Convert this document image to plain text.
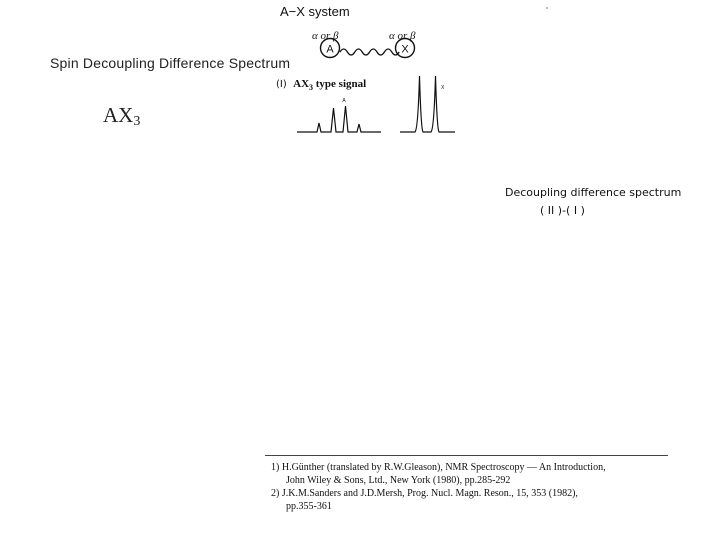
Spin Decoupling Difference Spectrum
$AX_3$
A−X system
α or β	α or β
A	X
(I) $AX_3$ type signal
A
X
Decoupling difference spectrum
( II )-( I )
1) H.Günther (translated by R.W.Gleason), NMR Spectroscopy — An Introduction,
John Wiley & Sons, Ltd., New York (1980), pp.285-292
2) J.K.M.Sanders and J.D.Mersh, Prog. Nucl. Magn. Reson., 15, 353 (1982),
pp.355-361
